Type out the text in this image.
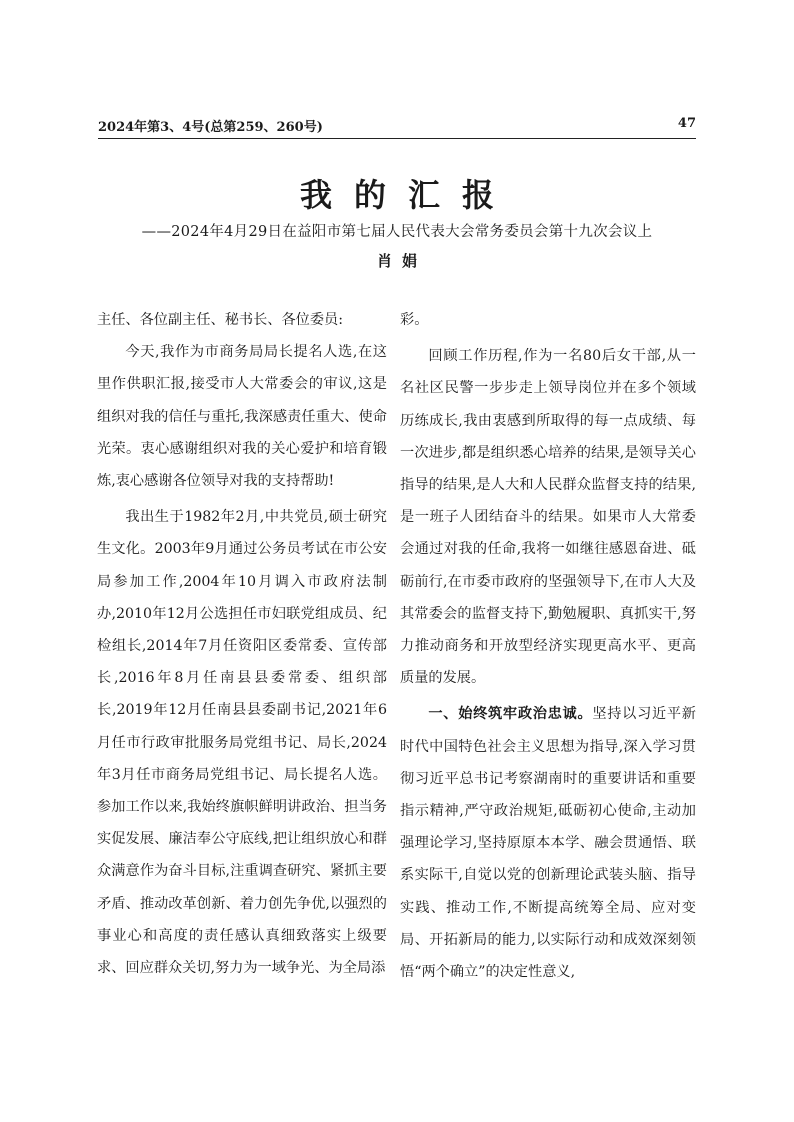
2024年第3、4号(总第259、260号)	47
我的汇报
——2024年4月29日在益阳市第七届人民代表大会常务委员会第十九次会议上
肖娟

主任、各位副主任、秘书长、各位委员:

今天,我作为市商务局局长提名人选,在这里作供职汇报,接受市人大常委会的审议,这是组织对我的信任与重托,我深感责任重大、使命光荣。衷心感谢组织对我的关心爱护和培育锻炼,衷心感谢各位领导对我的支持帮助!

我出生于1982年2月,中共党员,硕士研究生文化。2003年9月通过公务员考试在市公安局参加工作,2004年10月调入市政府法制办,2010年12月公选担任市妇联党组成员、纪检组长,2014年7月任资阳区委常委、宣传部长,2016年8月任南县县委常委、组织部长,2019年12月任南县县委副书记,2021年6月任市行政审批服务局党组书记、局长,2024年3月任市商务局党组书记、局长提名人选。参加工作以来,我始终旗帜鲜明讲政治、担当务实促发展、廉洁奉公守底线,把让组织放心和群众满意作为奋斗目标,注重调查研究、紧抓主要矛盾、推动改革创新、着力创先争优,以强烈的事业心和高度的责任感认真细致落实上级要求、回应群众关切,努力为一域争光、为全局添

彩。

回顾工作历程,作为一名80后女干部,从一名社区民警一步步走上领导岗位并在多个领域历练成长,我由衷感到所取得的每一点成绩、每一次进步,都是组织悉心培养的结果,是领导关心指导的结果,是人大和人民群众监督支持的结果,是一班子人团结奋斗的结果。如果市人大常委会通过对我的任命,我将一如继往感恩奋进、砥砺前行,在市委市政府的坚强领导下,在市人大及其常委会的监督支持下,勤勉履职、真抓实干,努力推动商务和开放型经济实现更高水平、更高质量的发展。

一、始终筑牢政治忠诚。坚持以习近平新时代中国特色社会主义思想为指导,深入学习贯彻习近平总书记考察湖南时的重要讲话和重要指示精神,严守政治规矩,砥砺初心使命,主动加强理论学习,坚持原原本本学、融会贯通悟、联系实际干,自觉以党的创新理论武装头脑、指导实践、推动工作,不断提高统筹全局、应对变局、开拓新局的能力,以实际行动和成效深刻领悟“两个确立”的决定性意义,
